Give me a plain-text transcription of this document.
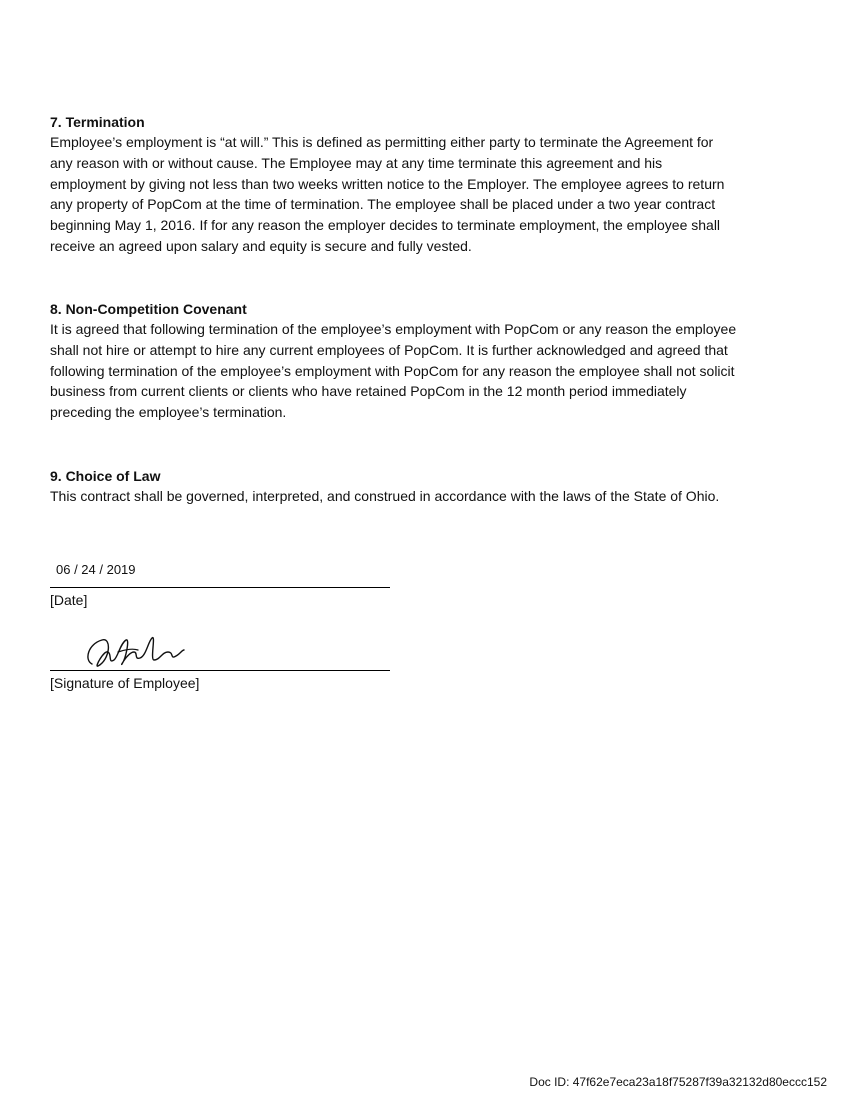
7. Termination

Employee’s employment is “at will.” This is defined as permitting either party to terminate the Agreement for

any reason with or without cause. The Employee may at any time terminate this agreement and his

employment by giving not less than two weeks written notice to the Employer. The employee agrees to return

any property of PopCom at the time of termination. The employee shall be placed under a two year contract

beginning May 1, 2016. If for any reason the employer decides to terminate employment, the employee shall

receive an agreed upon salary and equity is secure and fully vested.

8. Non-Competition Covenant

It is agreed that following termination of the employee’s employment with PopCom or any reason the employee

shall not hire or attempt to hire any current employees of PopCom. It is further acknowledged and agreed that

following termination of the employee’s employment with PopCom for any reason the employee shall not solicit

business from current clients or clients who have retained PopCom in the 12 month period immediately

preceding the employee’s termination.

9. Choice of Law

This contract shall be governed, interpreted, and construed in accordance with the laws of the State of Ohio.

06 / 24 / 2019
[Date]
[Signature of Employee]
Doc ID: 47f62e7eca23a18f75287f39a32132d80eccc152
